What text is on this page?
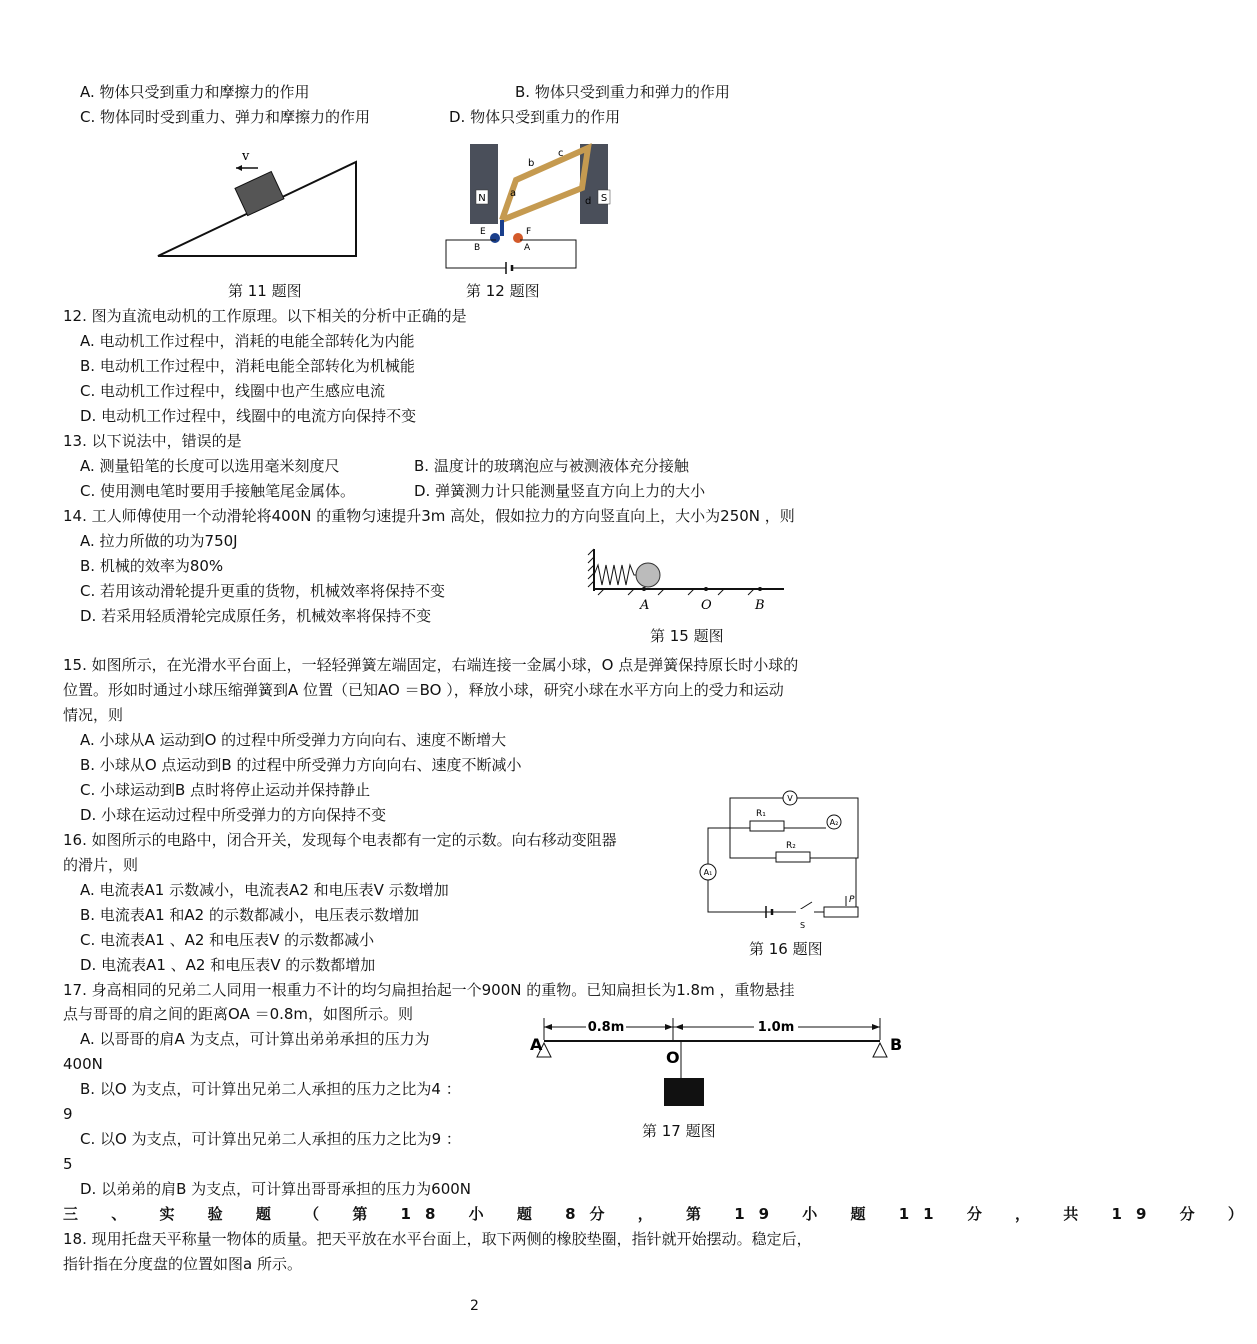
A. 物体只受到重力和摩擦力的作用	B. 物体只受到重力和弹力的作用
C. 物体同时受到重力、弹力和摩擦力的作用	D. 物体只受到重力的作用
v
第 11 题图
N	S
a
b
c
d
E	F
B	A
第 12 题图
12. 图为直流电动机的工作原理。以下相关的分析中正确的是
A. 电动机工作过程中，消耗的电能全部转化为内能
B. 电动机工作过程中，消耗电能全部转化为机械能
C. 电动机工作过程中，线圈中也产生感应电流
D. 电动机工作过程中，线圈中的电流方向保持不变
13. 以下说法中，错误的是
A. 测量铅笔的长度可以选用毫米刻度尺	B. 温度计的玻璃泡应与被测液体充分接触
C. 使用测电笔时要用手接触笔尾金属体。	D. 弹簧测力计只能测量竖直方向上力的大小
14. 工人师傅使用一个动滑轮将400N 的重物匀速提升3m 高处，假如拉力的方向竖直向上，大小为250N ，则
A. 拉力所做的功为750J
B. 机械的效率为80%
C. 若用该动滑轮提升更重的货物，机械效率将保持不变
D. 若采用轻质滑轮完成原任务，机械效率将保持不变
A	O	B
第 15 题图
15. 如图所示，在光滑水平台面上，一轻轻弹簧左端固定，右端连接一金属小球，O 点是弹簧保持原长时小球的
位置。形如时通过小球压缩弹簧到A 位置（已知AO ＝BO ），释放小球，研究小球在水平方向上的受力和运动
情况，则
A. 小球从A 运动到O 的过程中所受弹力方向向右、速度不断增大
B. 小球从O 点运动到B 的过程中所受弹力方向向右、速度不断减小
C. 小球运动到B 点时将停止运动并保持静止
D. 小球在运动过程中所受弹力的方向保持不变
V
R₁
A₂
R₂
A₁
S
P
第 16 题图
16. 如图所示的电路中，闭合开关，发现每个电表都有一定的示数。向右移动变阻器
的滑片，则
A. 电流表A1 示数减小，电流表A2 和电压表V 示数增加
B. 电流表A1 和A2 的示数都减小，电压表示数增加
C. 电流表A1 、A2 和电压表V 的示数都减小
D. 电流表A1 、A2 和电压表V 的示数都增加
17. 身高相同的兄弟二人同用一根重力不计的均匀扁担抬起一个900N 的重物。已知扁担长为1.8m ，重物悬挂
点与哥哥的肩之间的距离OA ＝0.8m，如图所示。则
A. 以哥哥的肩A 为支点，可计算出弟弟承担的压力为
400N
B. 以O 为支点，可计算出兄弟二人承担的压力之比为4 ：
9
C. 以O 为支点，可计算出兄弟二人承担的压力之比为9 ：
5
D. 以弟弟的肩B 为支点，可计算出哥哥承担的压力为600N
0.8m	1.0m
A	B
O
第 17 题图
三 、 实 验 题 （ 第 18 小 题 8分 ， 第 19 小 题 11 分 ， 共 19 分 ）
18. 现用托盘天平称量一物体的质量。把天平放在水平台面上，取下两侧的橡胶垫圈，指针就开始摆动。稳定后，
指针指在分度盘的位置如图a 所示。
2
